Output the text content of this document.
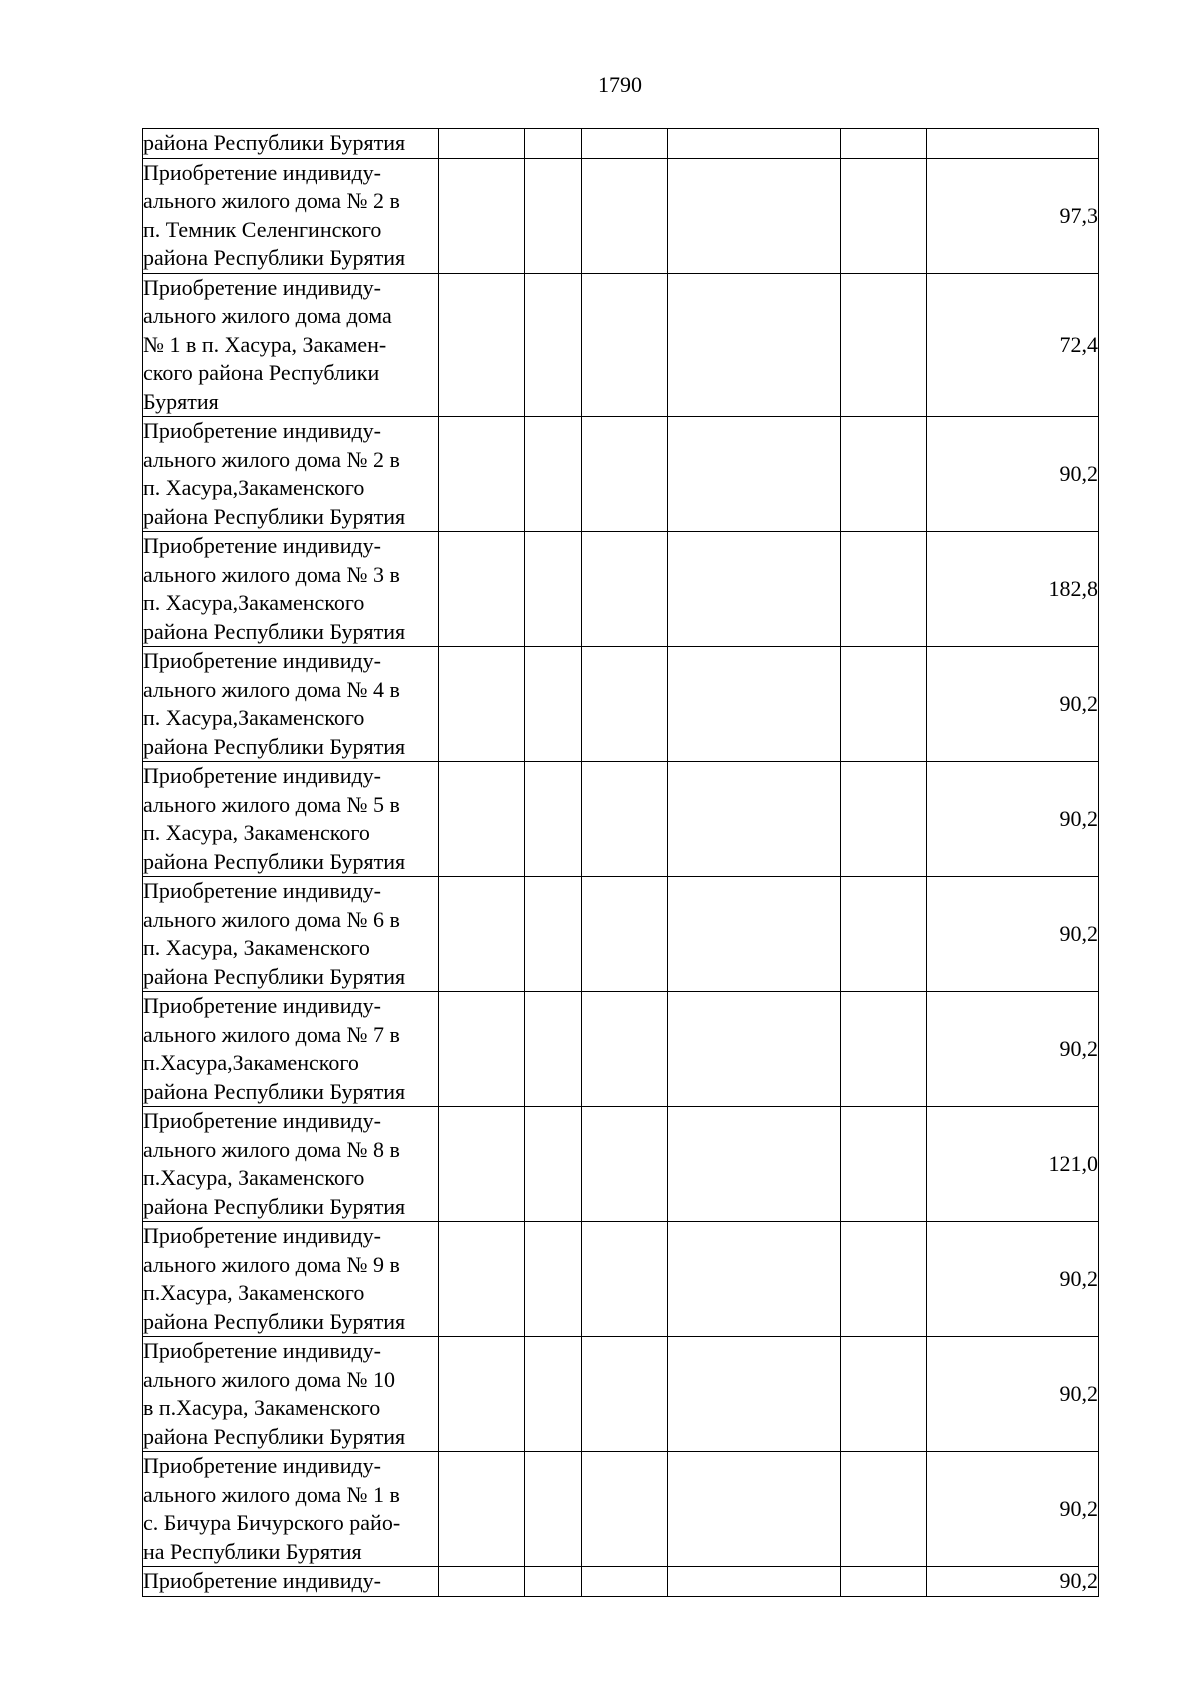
1790
района Республики Бурятия						

Приобретение индивиду-
ального жилого дома № 2 в
п. Темник Селенгинского
района Республики Бурятия						97,3

Приобретение индивиду-
ального жилого дома дома
№ 1 в п. Хасура, Закамен-
ского района Республики
Бурятия						72,4

Приобретение индивиду-
ального жилого дома № 2 в
п. Хасура,Закаменского
района Республики Бурятия						90,2

Приобретение индивиду-
ального жилого дома № 3 в
п. Хасура,Закаменского
района Республики Бурятия						182,8

Приобретение индивиду-
ального жилого дома № 4 в
п. Хасура,Закаменского
района Республики Бурятия						90,2

Приобретение индивиду-
ального жилого дома № 5 в
п. Хасура, Закаменского
района Республики Бурятия						90,2

Приобретение индивиду-
ального жилого дома № 6 в
п. Хасура, Закаменского
района Республики Бурятия						90,2

Приобретение индивиду-
ального жилого дома № 7 в
п.Хасура,Закаменского
района Республики Бурятия						90,2

Приобретение индивиду-
ального жилого дома № 8 в
п.Хасура, Закаменского
района Республики Бурятия						121,0

Приобретение индивиду-
ального жилого дома № 9 в
п.Хасура, Закаменского
района Республики Бурятия						90,2

Приобретение индивиду-
ального жилого дома № 10
в п.Хасура, Закаменского
района Республики Бурятия						90,2

Приобретение индивиду-
ального жилого дома № 1 в
с. Бичура Бичурского райо-
на Республики Бурятия						90,2

Приобретение индивиду-						90,2
